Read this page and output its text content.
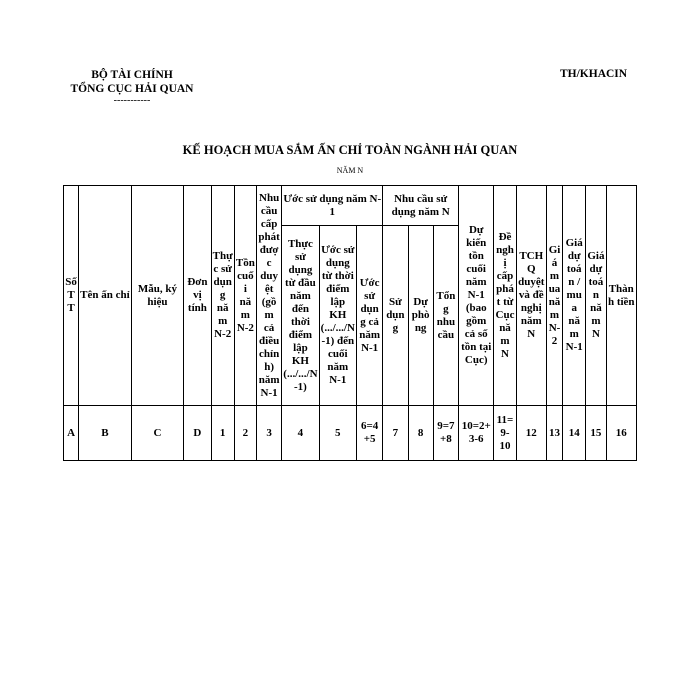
BỘ TÀI CHÍNH
TỔNG CỤC HẢI QUAN
-----------
TH/KHACIN
KẾ HOẠCH MUA SẮM ẤN CHỈ TOÀN NGÀNH HẢI QUAN
NĂM N
Số TT	Tên ấn chỉ	Mẫu, ký hiệu	Đơn vị tính	Thực sử dụng năm N-2	Tồn cuối năm N-2	Nhu cầu cấp phát được duyệt (gồm cả điều chỉnh) năm N-1	Ước sử dụng năm N-1			Nhu cầu sử dụng năm N			Dự kiến tồn cuối năm N-1 (bao gồm cả số tồn tại Cục)	Đề nghị cấp phát từ Cục năm N	TCHQ duyệt và đề nghị năm N	Giá mua năm N-2	Giá dự toán / mua năm N-1	Giá dự toán năm N	Thành tiền
							Thực sử dụng từ đầu năm đến thời điểm lập KH (.../.../N-1)	Ước sử dụng từ thời điểm lập KH (.../.../N-1) đến cuối năm N-1	Ước sử dụng cả năm N-1	Sử dụng	Dự phòng	Tổng nhu cầu							
A	B	C	D	1	2	3	4	5	6=4+5	7	8	9=7+8	10=2+3-6	11=9-10	12	13	14	15	16
